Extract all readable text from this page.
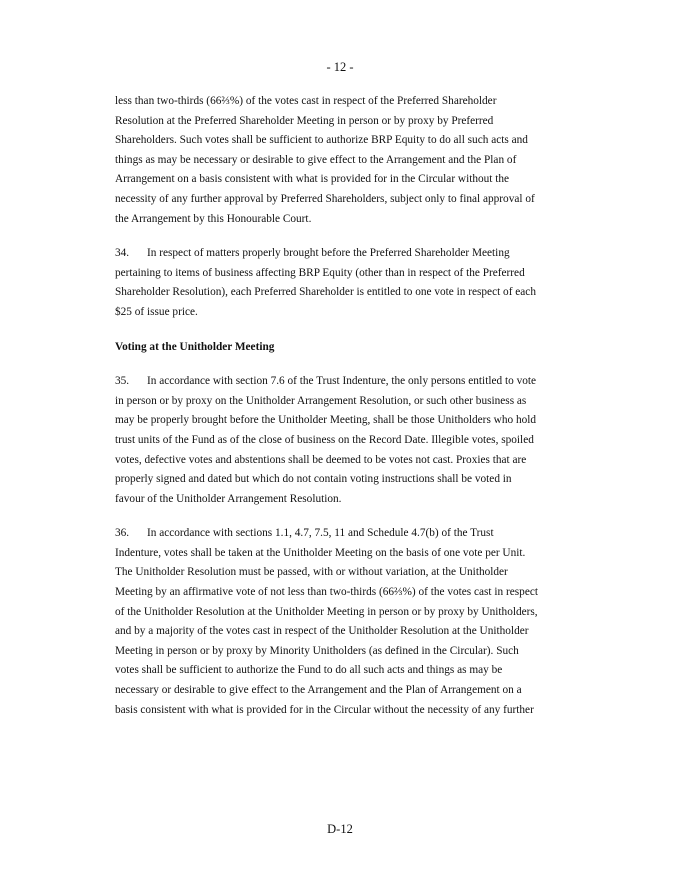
- 12 -
less than two-thirds (66⅔%) of the votes cast in respect of the Preferred Shareholder
Resolution at the Preferred Shareholder Meeting in person or by proxy by Preferred
Shareholders. Such votes shall be sufficient to authorize BRP Equity to do all such acts and
things as may be necessary or desirable to give effect to the Arrangement and the Plan of
Arrangement on a basis consistent with what is provided for in the Circular without the
necessity of any further approval by Preferred Shareholders, subject only to final approval of
the Arrangement by this Honourable Court.
34. In respect of matters properly brought before the Preferred Shareholder Meeting
pertaining to items of business affecting BRP Equity (other than in respect of the Preferred
Shareholder Resolution), each Preferred Shareholder is entitled to one vote in respect of each
$25 of issue price.
Voting at the Unitholder Meeting
35. In accordance with section 7.6 of the Trust Indenture, the only persons entitled to vote
in person or by proxy on the Unitholder Arrangement Resolution, or such other business as
may be properly brought before the Unitholder Meeting, shall be those Unitholders who hold
trust units of the Fund as of the close of business on the Record Date. Illegible votes, spoiled
votes, defective votes and abstentions shall be deemed to be votes not cast. Proxies that are
properly signed and dated but which do not contain voting instructions shall be voted in
favour of the Unitholder Arrangement Resolution.
36. In accordance with sections 1.1, 4.7, 7.5, 11 and Schedule 4.7(b) of the Trust
Indenture, votes shall be taken at the Unitholder Meeting on the basis of one vote per Unit.
The Unitholder Resolution must be passed, with or without variation, at the Unitholder
Meeting by an affirmative vote of not less than two-thirds (66⅔%) of the votes cast in respect
of the Unitholder Resolution at the Unitholder Meeting in person or by proxy by Unitholders,
and by a majority of the votes cast in respect of the Unitholder Resolution at the Unitholder
Meeting in person or by proxy by Minority Unitholders (as defined in the Circular). Such
votes shall be sufficient to authorize the Fund to do all such acts and things as may be
necessary or desirable to give effect to the Arrangement and the Plan of Arrangement on a
basis consistent with what is provided for in the Circular without the necessity of any further
D-12
